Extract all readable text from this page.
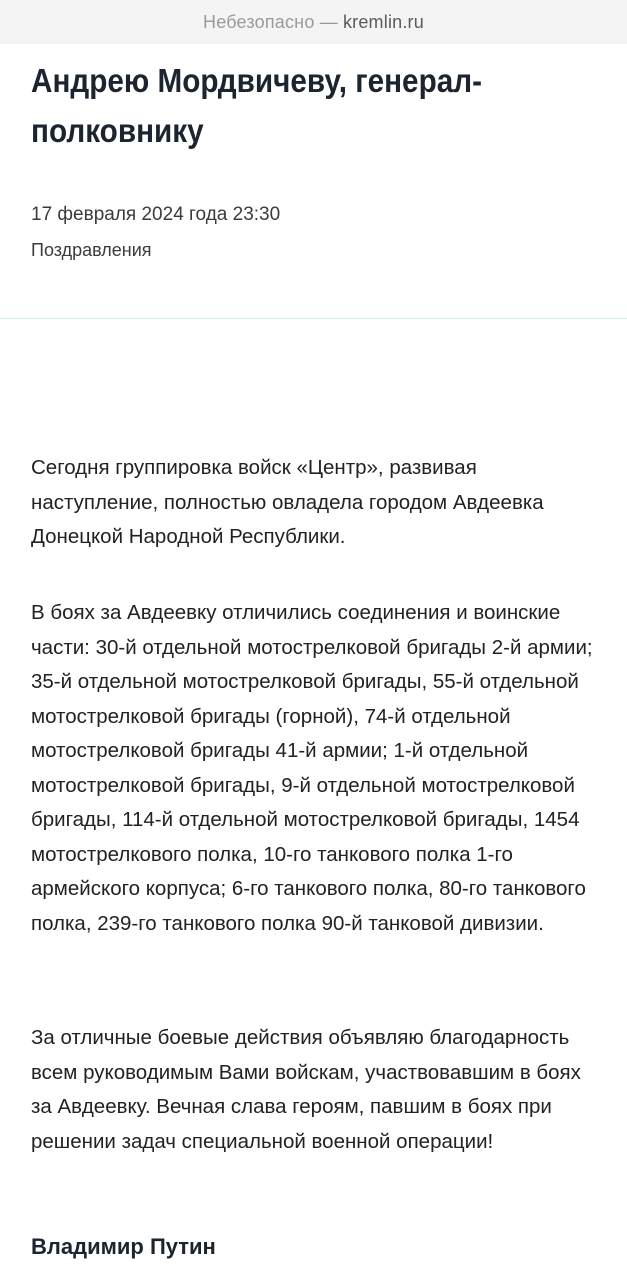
Небезопасно
— kremlin.ru
Андрею Мордвичеву, генерал-полковнику
17 февраля 2024 года 23:30
Поздравления

Сегодня группировка войск «Центр», развивая наступление, полностью овладела городом Авдеевка Донецкой Народной Республики.

В боях за Авдеевку отличились соединения и воинские части: 30-й отдельной мотострелковой бригады 2-й армии; 35-й отдельной мотострелковой бригады, 55-й отдельной мотострелковой бригады (горной), 74-й отдельной мотострелковой бригады 41-й армии; 1-й отдельной мотострелковой бригады, 9-й отдельной мотострелковой бригады, 114-й отдельной мотострелковой бригады, 1454 мотострелкового полка, 10-го танкового полка 1-го армейского корпуса; 6-го танкового полка, 80-го танкового полка, 239-го танкового полка 90-й танковой дивизии.

За отличные боевые действия объявляю благодарность всем руководимым Вами войскам, участвовавшим в боях за Авдеевку. Вечная слава героям, павшим в боях при решении задач специальной военной операции!

Владимир Путин
